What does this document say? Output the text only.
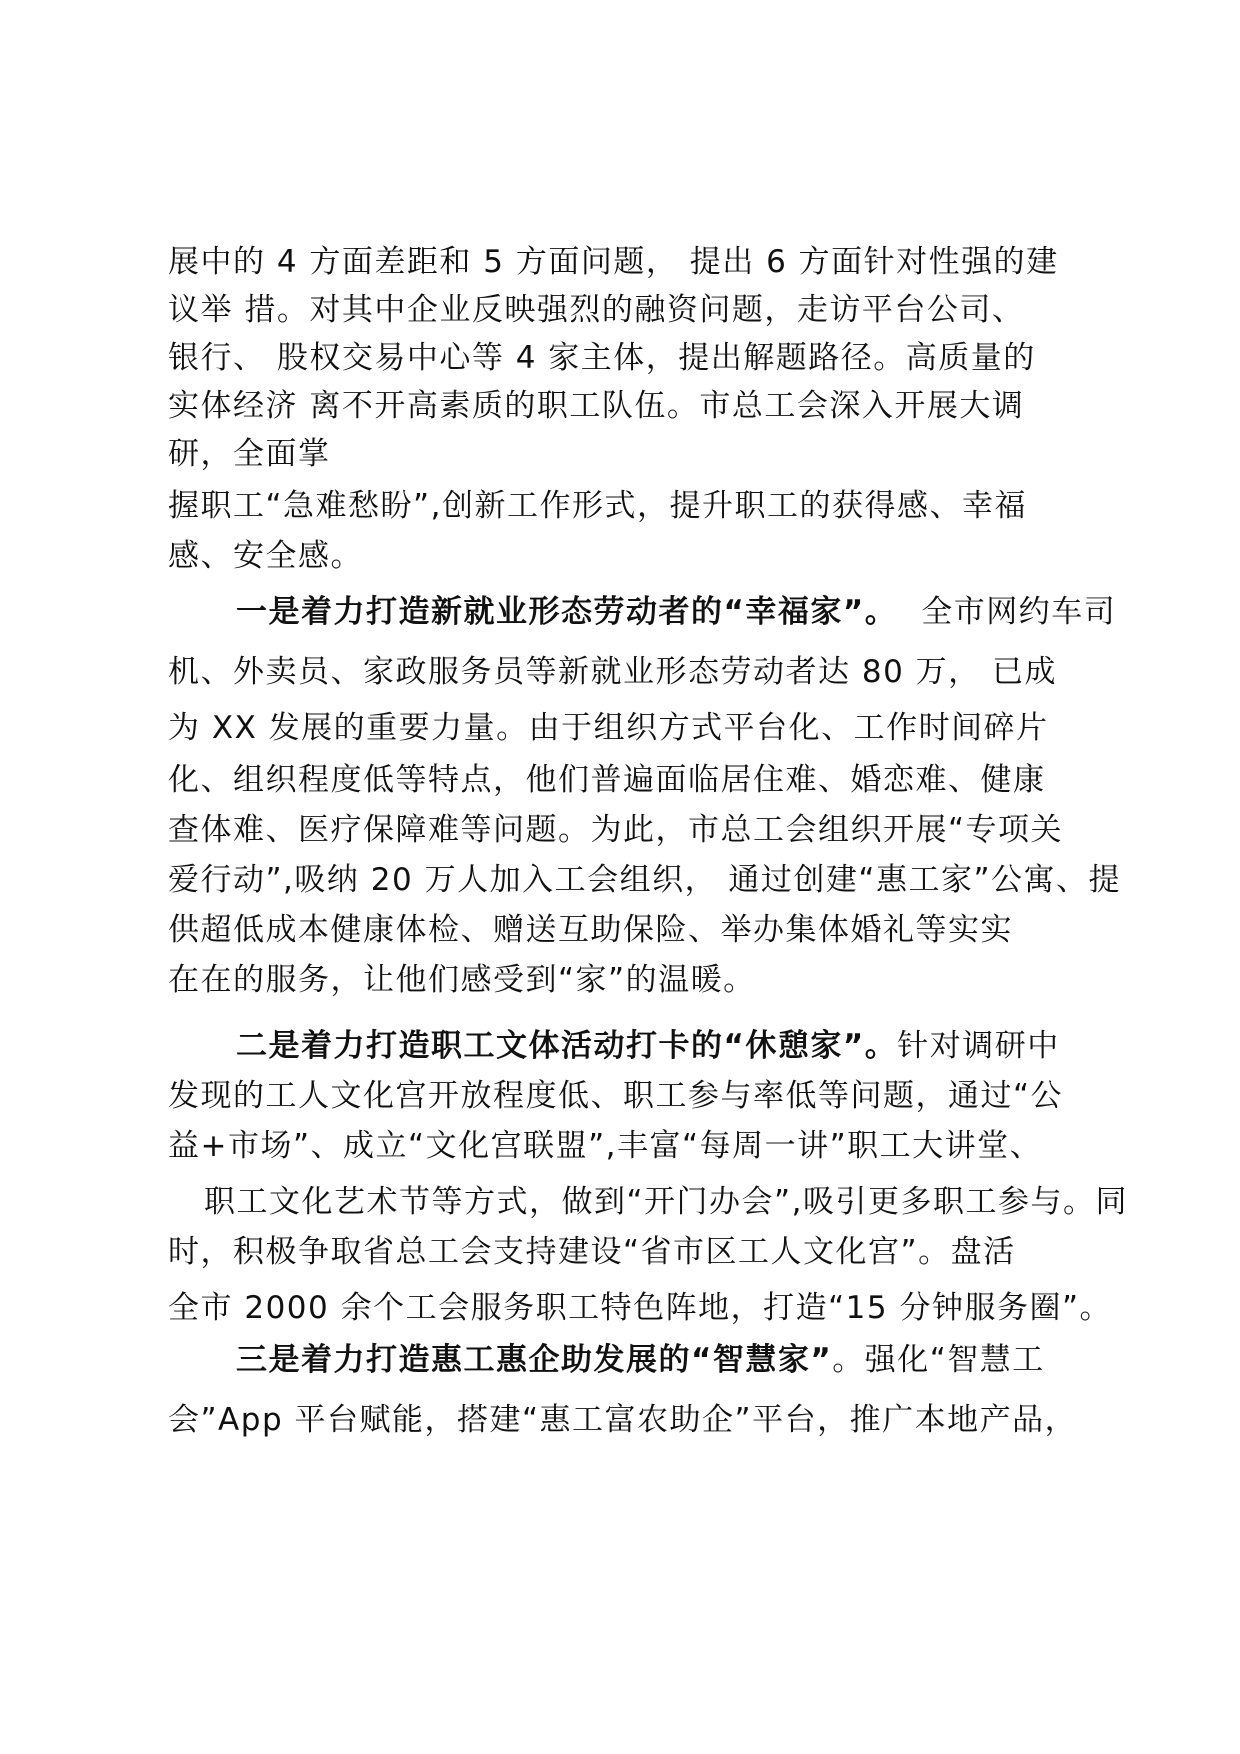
展中的 4 方面差距和 5 方面问题， 提出 6 方面针对性强的建
议举 措。对其中企业反映强烈的融资问题，走访平台公司、
银行、 股权交易中心等 4 家主体，提出解题路径。高质量的
实体经济 离不开高素质的职工队伍。市总工会深入开展大调
研，全面掌
握职工“急难愁盼”,创新工作形式，提升职工的获得感、幸福
感、安全感。
一是着力打造新就业形态劳动者的“幸福家”。 全市网约车司
机、外卖员、家政服务员等新就业形态劳动者达 80 万， 已成
为 XX 发展的重要力量。由于组织方式平台化、工作时间碎片
化、组织程度低等特点，他们普遍面临居住难、婚恋难、健康
查体难、医疗保障难等问题。为此，市总工会组织开展“专项关
爱行动”,吸纳 20 万人加入工会组织， 通过创建“惠工家”公寓、提
供超低成本健康体检、赠送互助保险、举办集体婚礼等实实
在在的服务，让他们感受到“家”的温暖。
二是着力打造职工文体活动打卡的“休憩家”。针对调研中
发现的工人文化宫开放程度低、职工参与率低等问题，通过“公
益+市场”、成立“文化宫联盟”,丰富“每周一讲”职工大讲堂、
职工文化艺术节等方式，做到“开门办会”,吸引更多职工参与。同
时，积极争取省总工会支持建设“省市区工人文化宫”。盘活
全市 2000 余个工会服务职工特色阵地，打造“15 分钟服务圈”。
三是着力打造惠工惠企助发展的“智慧家”。强化“智慧工
会”App 平台赋能，搭建“惠工富农助企”平台，推广本地产品，
